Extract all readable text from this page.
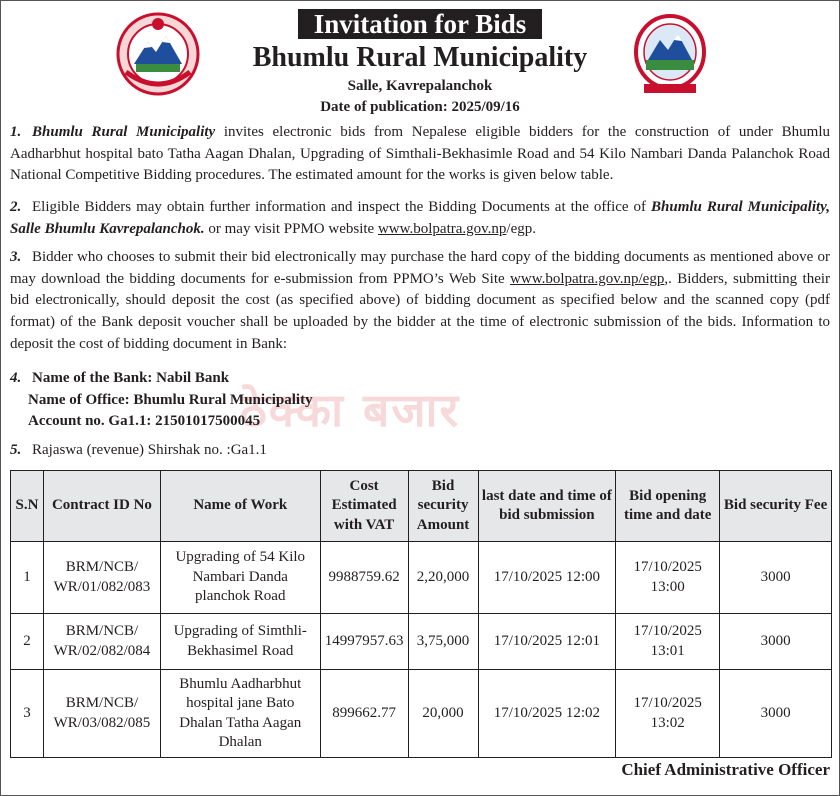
Invitation for Bids
Bhumlu Rural Municipality
Salle, Kavrepalanchok
Date of publication: 2025/09/16
1. Bhumlu Rural Municipality invites electronic bids from Nepalese eligible bidders for the construction of under Bhumlu Aadharbhut hospital bato Tatha Aagan Dhalan, Upgrading of Simthali-Bekhasimle Road and 54 Kilo Nambari Danda Palanchok Road National Competitive Bidding procedures. The estimated amount for the works is given below table.
2. Eligible Bidders may obtain further information and inspect the Bidding Documents at the office of Bhumlu Rural Municipality, Salle Bhumlu Kavrepalanchok. or may visit PPMO website www.bolpatra.gov.np/egp.
3. Bidder who chooses to submit their bid electronically may purchase the hard copy of the bidding documents as mentioned above or may download the bidding documents for e-submission from PPMO’s Web Site www.bolpatra.gov.np/egp,. Bidders, submitting their bid electronically, should deposit the cost (as specified above) of bidding document as specified below and the scanned copy (pdf format) of the Bank deposit voucher shall be uploaded by the bidder at the time of electronic submission of the bids. Information to deposit the cost of bidding document in Bank:
ठेक्का बजार
4. Name of the Bank: Nabil Bank
Name of Office: Bhumlu Rural Municipality
Account no. Ga1.1: 21501017500045
5. Rajaswa (revenue) Shirshak no. :Ga1.1
S.N	Contract ID No	Name of Work	Cost Estimated with VAT	Bid security Amount	last date and time of bid submission	Bid opening time and date	Bid security Fee
1	BRM/NCB/ WR/01/082/083	Upgrading of 54 Kilo Nambari Danda planchok Road	9988759.62	2,20,000	17/10/2025 12:00	17/10/2025 13:00	3000
2	BRM/NCB/ WR/02/082/084	Upgrading of Simthli-Bekhasimel Road	14997957.63	3,75,000	17/10/2025 12:01	17/10/2025 13:01	3000
3	BRM/NCB/ WR/03/082/085	Bhumlu Aadharbhut hospital jane Bato Dhalan Tatha Aagan Dhalan	899662.77	20,000	17/10/2025 12:02	17/10/2025 13:02	3000
Chief Administrative Officer
